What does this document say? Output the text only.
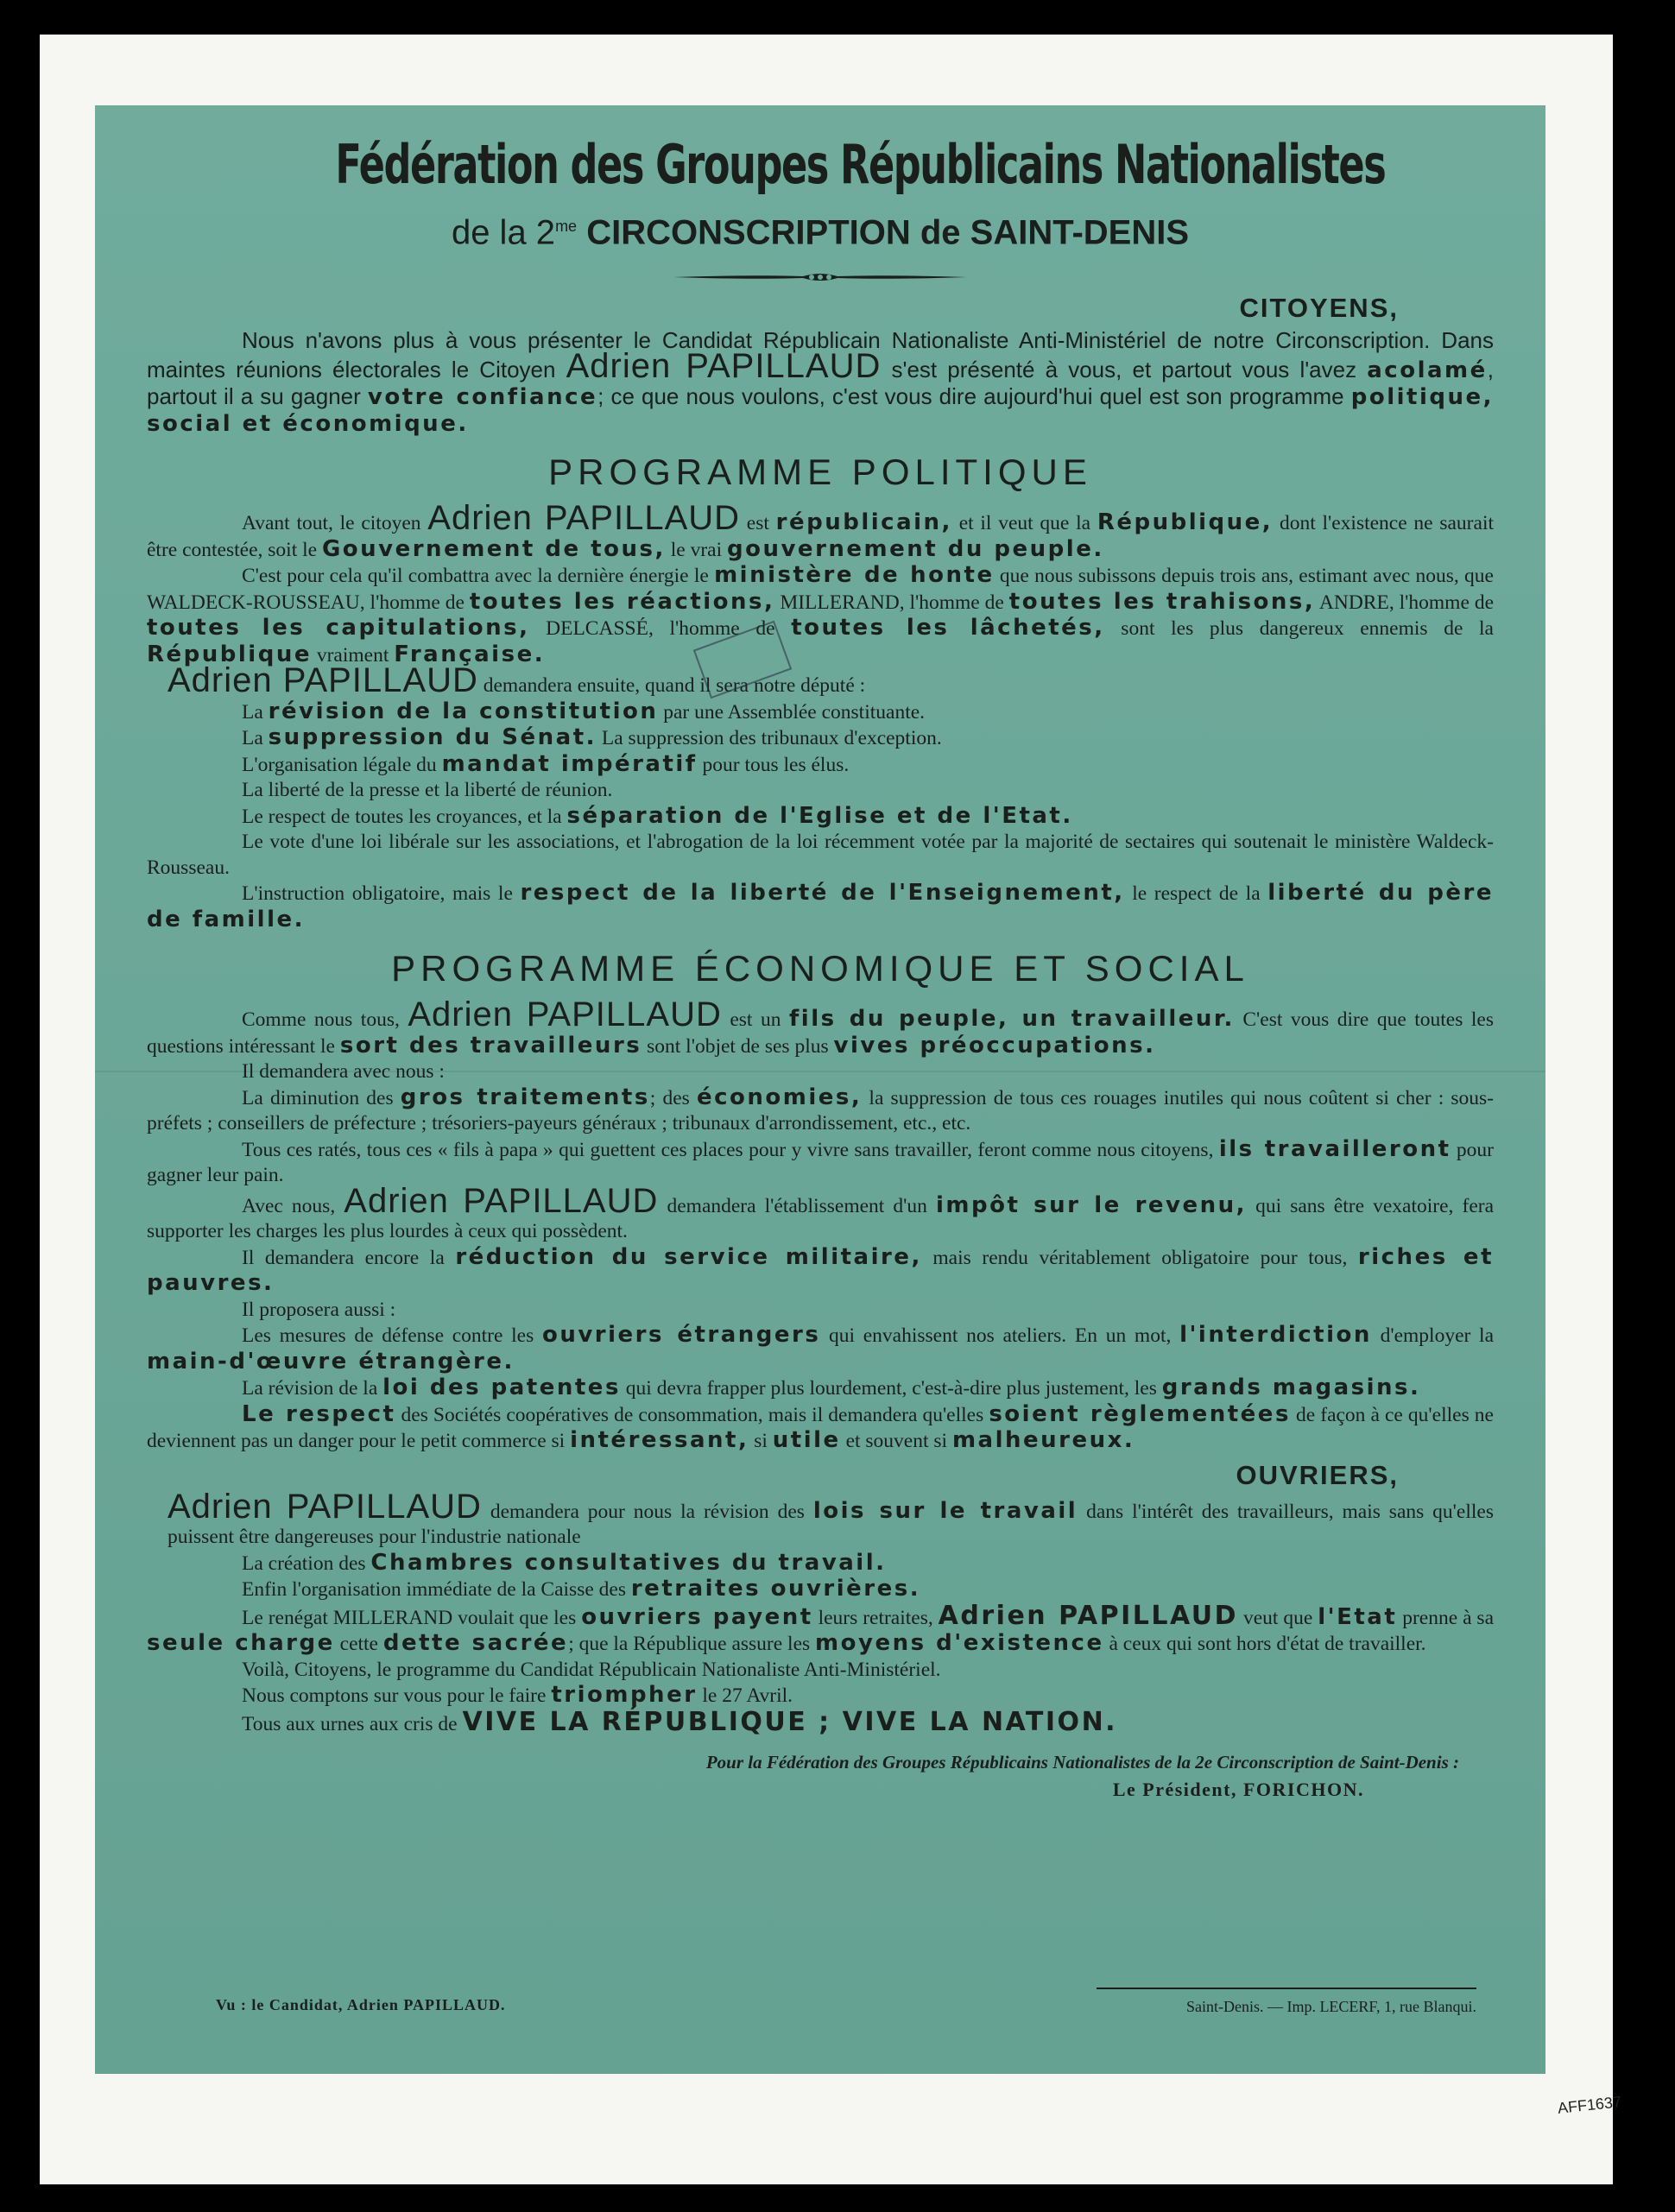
Fédération des Groupes Républicains Nationalistes
de la $2^{me}$ CIRCONSCRIPTION de SAINT-DENIS
CITOYENS,

Nous n'avons plus à vous présenter le Candidat Républicain Nationaliste Anti-Ministériel de notre Circonscription. Dans maintes réunions électorales le Citoyen Adrien PAPILLAUD s'est présenté à vous, et partout vous l'avez acolamé, partout il a su gagner votre confiance; ce que nous voulons, c'est vous dire aujourd'hui quel est son programme politique, social et économique.

PROGRAMME POLITIQUE

Avant tout, le citoyen Adrien PAPILLAUD est républicain, et il veut que la République, dont l'existence ne saurait être contestée, soit le Gouvernement de tous, le vrai gouvernement du peuple.

C'est pour cela qu'il combattra avec la dernière énergie le ministère de honte que nous subissons depuis trois ans, estimant avec nous, que WALDECK-ROUSSEAU, l'homme de toutes les réactions, MILLERAND, l'homme de toutes les trahisons, ANDRE, l'homme de toutes les capitulations, DELCASSÉ, l'homme de toutes les lâchetés, sont les plus dangereux ennemis de la République vraiment Française.

Adrien PAPILLAUD demandera ensuite, quand il sera notre député :

La révision de la constitution par une Assemblée constituante.
La suppression du Sénat. La suppression des tribunaux d'exception.
L'organisation légale du mandat impératif pour tous les élus.
La liberté de la presse et la liberté de réunion.
Le respect de toutes les croyances, et la séparation de l'Eglise et de l'Etat.

Le vote d'une loi libérale sur les associations, et l'abrogation de la loi récemment votée par la majorité de sectaires qui soutenait le ministère Waldeck-Rousseau.

L'instruction obligatoire, mais le respect de la liberté de l'Enseignement, le respect de la liberté du père de famille.

PROGRAMME ÉCONOMIQUE ET SOCIAL

Comme nous tous, Adrien PAPILLAUD est un fils du peuple, un travailleur. C'est vous dire que toutes les questions intéressant le sort des travailleurs sont l'objet de ses plus vives préoccupations.

Il demandera avec nous :

La diminution des gros traitements; des économies, la suppression de tous ces rouages inutiles qui nous coûtent si cher : sous-préfets ; conseillers de préfecture ; trésoriers-payeurs généraux ; tribunaux d'arrondissement, etc., etc.

Tous ces ratés, tous ces « fils à papa » qui guettent ces places pour y vivre sans travailler, feront comme nous citoyens, ils travailleront pour gagner leur pain.

Avec nous, Adrien PAPILLAUD demandera l'établissement d'un impôt sur le revenu, qui sans être vexatoire, fera supporter les charges les plus lourdes à ceux qui possèdent.

Il demandera encore la réduction du service militaire, mais rendu véritablement obligatoire pour tous, riches et pauvres.

Il proposera aussi :

Les mesures de défense contre les ouvriers étrangers qui envahissent nos ateliers. En un mot, l'interdiction d'employer la main-d'œuvre étrangère.

La révision de la loi des patentes qui devra frapper plus lourdement, c'est-à-dire plus justement, les grands magasins.

Le respect des Sociétés coopératives de consommation, mais il demandera qu'elles soient règlementées de façon à ce qu'elles ne deviennent pas un danger pour le petit commerce si intéressant, si utile et souvent si malheureux.

OUVRIERS,

Adrien PAPILLAUD demandera pour nous la révision des lois sur le travail dans l'intérêt des travailleurs, mais sans qu'elles puissent être dangereuses pour l'industrie nationale

La création des Chambres consultatives du travail.

Enfin l'organisation immédiate de la Caisse des retraites ouvrières.

Le renégat MILLERAND voulait que les ouvriers payent leurs retraites, Adrien PAPILLAUD veut que l'Etat prenne à sa seule charge cette dette sacrée; que la République assure les moyens d'existence à ceux qui sont hors d'état de travailler.

Voilà, Citoyens, le programme du Candidat Républicain Nationaliste Anti-Ministériel.

Nous comptons sur vous pour le faire triompher le 27 Avril.

Tous aux urnes aux cris de VIVE LA RÉPUBLIQUE ; VIVE LA NATION.

Pour la Fédération des Groupes Républicains Nationalistes de la 2e Circonscription de Saint-Denis :
Le Président, FORICHON.
Vu : le Candidat, Adrien PAPILLAUD.	Saint-Denis. — Imp. LECERF, 1, rue Blanqui.
AFF1637
